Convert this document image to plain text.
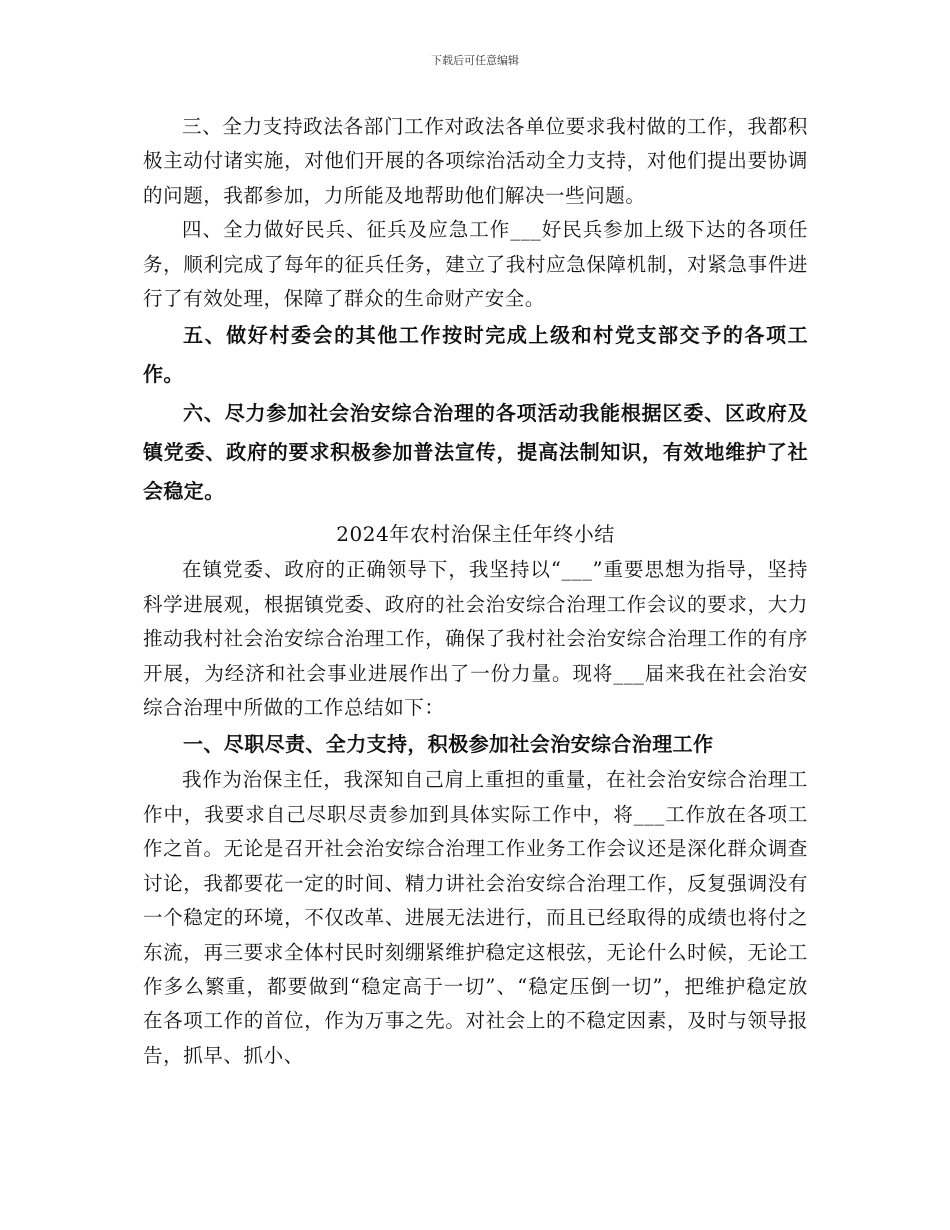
下载后可任意编辑

三、全力支持政法各部门工作对政法各单位要求我村做的工作，我都积极主动付诸实施，对他们开展的各项综治活动全力支持，对他们提出要协调的问题，我都参加，力所能及地帮助他们解决一些问题。

四、全力做好民兵、征兵及应急工作___好民兵参加上级下达的各项任务，顺利完成了每年的征兵任务，建立了我村应急保障机制，对紧急事件进行了有效处理，保障了群众的生命财产安全。

五、做好村委会的其他工作按时完成上级和村党支部交予的各项工作。

六、尽力参加社会治安综合治理的各项活动我能根据区委、区政府及镇党委、政府的要求积极参加普法宣传，提高法制知识，有效地维护了社会稳定。

2024年农村治保主任年终小结

在镇党委、政府的正确领导下，我坚持以“___”重要思想为指导，坚持科学进展观，根据镇党委、政府的社会治安综合治理工作会议的要求，大力推动我村社会治安综合治理工作，确保了我村社会治安综合治理工作的有序开展，为经济和社会事业进展作出了一份力量。现将___届来我在社会治安综合治理中所做的工作总结如下：

一、尽职尽责、全力支持，积极参加社会治安综合治理工作

我作为治保主任，我深知自己肩上重担的重量，在社会治安综合治理工作中，我要求自己尽职尽责参加到具体实际工作中，将___工作放在各项工作之首。无论是召开社会治安综合治理工作业务工作会议还是深化群众调查讨论，我都要花一定的时间、精力讲社会治安综合治理工作，反复强调没有一个稳定的环境，不仅改革、进展无法进行，而且已经取得的成绩也将付之东流，再三要求全体村民时刻绷紧维护稳定这根弦，无论什么时候，无论工作多么繁重，都要做到“稳定高于一切”、“稳定压倒一切”，把维护稳定放在各项工作的首位，作为万事之先。对社会上的不稳定因素，及时与领导报告，抓早、抓小、
